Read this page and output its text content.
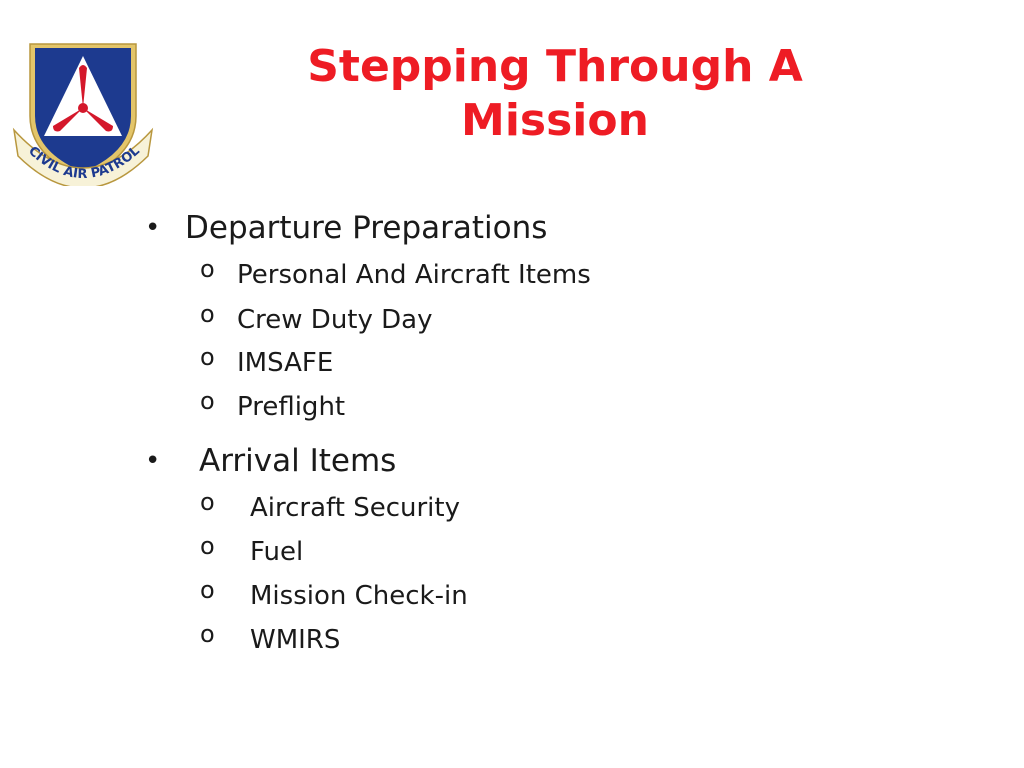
CIVIL AIR PATROL
Stepping Through A
Mission
• Departure Preparations
o Personal And Aircraft Items
o Crew Duty Day
o IMSAFE
o Preflight
• Arrival Items
o Aircraft Security
o Fuel
o Mission Check-in
o WMIRS
